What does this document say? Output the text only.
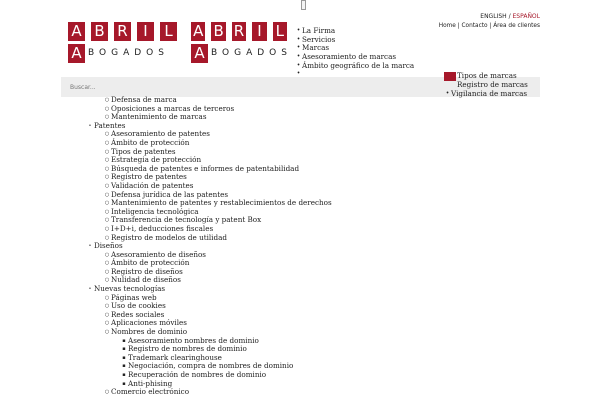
A B R	I	L
A BOGADOS
A B R I L
A BOGADOS
ENGLISH / ESPAÑOL
Home | Contacto | Área de clientes
• La Firma
• Servicios
• Marcas
• Asesoramiento de marcas
• Ámbito geográfico de la marca
•
Buscar...	Tipos de marcas
Registro de marcas
• Vigilancia de marcas
○ Defensa de marca
○ Oposiciones a marcas de terceros
○ Mantenimiento de marcas
• Patentes
○ Asesoramiento de patentes
○ Ámbito de protección
○ Tipos de patentes
○ Estrategia de protección
○ Búsqueda de patentes e informes de patentabilidad
○ Registro de patentes
○ Validación de patentes
○ Defensa jurídica de las patentes
○ Mantenimiento de patentes y restablecimientos de derechos
○ Inteligencia tecnológica
○ Transferencia de tecnología y patent Box
○ I+D+i, deducciones fiscales
○ Registro de modelos de utilidad
• Diseños
○ Asesoramiento de diseños
○ Ámbito de protección
○ Registro de diseños
○ Nulidad de diseños
• Nuevas tecnologías
○ Páginas web
○ Uso de cookies
○ Redes sociales
○ Aplicaciones móviles
○ Nombres de dominio
▪ Asesoramiento nombres de dominio
▪ Registro de nombres de dominio
▪ Trademark clearinghouse
▪ Negociación, compra de nombres de dominio
▪ Recuperación de nombres de dominio
▪ Anti-phising
○ Comercio electrónico
